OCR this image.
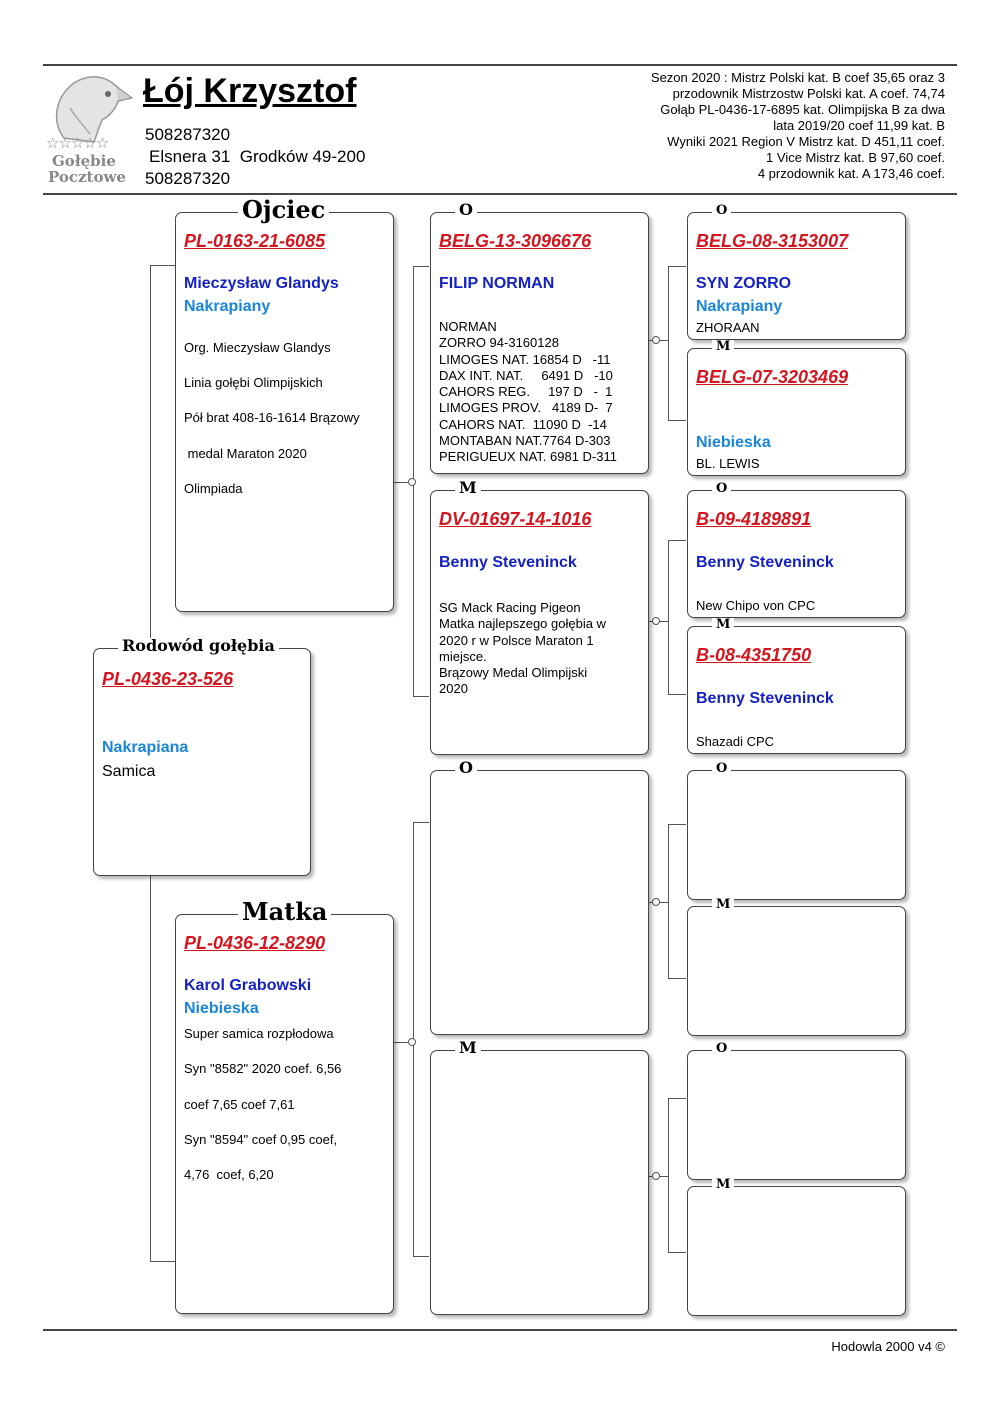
☆☆☆☆☆
Gołębie
Pocztowe
Łój Krzysztof
508287320
Elsnera 31  Grodków 49-200
508287320
Sezon 2020 : Mistrz Polski kat. B coef 35,65 oraz 3
przodownik Mistrzostw Polski kat. A coef. 74,74
Gołąb PL-0436-17-6895 kat. Olimpijska B za dwa
lata 2019/20 coef 11,99 kat. B
Wyniki 2021 Region V Mistrz kat. D 451,11 coef.
1 Vice Mistrz kat. B 97,60 coef.
4 przodownik kat. A 173,46 coef.
Rodowód gołębia
PL-0436-23-526
Nakrapiana
Samica
Ojciec
PL-0163-21-6085
Mieczysław Glandys
Nakrapiany
Org. Mieczysław Glandys
Linia gołębi Olimpijskich
Pół brat 408-16-1614 Brązowy
medal Maraton 2020
Olimpiada
Matka
PL-0436-12-8290
Karol Grabowski
Niebieska
Super samica rozpłodowa
Syn "8582" 2020 coef. 6,56
coef 7,65 coef 7,61
Syn "8594" coef 0,95 coef,
4,76  coef, 6,20
O
BELG-13-3096676
FILIP NORMAN
NORMAN
ZORRO 94-3160128
LIMOGES NAT. 16854 D   -11
DAX INT. NAT.     6491 D   -10
CAHORS REG.     197 D   -  1
LIMOGES PROV.   4189 D-  7
CAHORS NAT.  11090 D  -14
MONTABAN NAT.7764 D-303
PERIGUEUX NAT. 6981 D-311
M
DV-01697-14-1016
Benny Steveninck
SG Mack Racing Pigeon
Matka najlepszego gołębia w
2020 r w Polsce Maraton 1
miejsce.
Brązowy Medal Olimpijski
2020
O
M
O
BELG-08-3153007
SYN ZORRO
Nakrapiany
ZHORAAN
M
BELG-07-3203469
Niebieska
BL. LEWIS
O
B-09-4189891
Benny Steveninck
New Chipo von CPC
M
B-08-4351750
Benny Steveninck
Shazadi CPC
O
M
O
M
Hodowla 2000 v4 ©
